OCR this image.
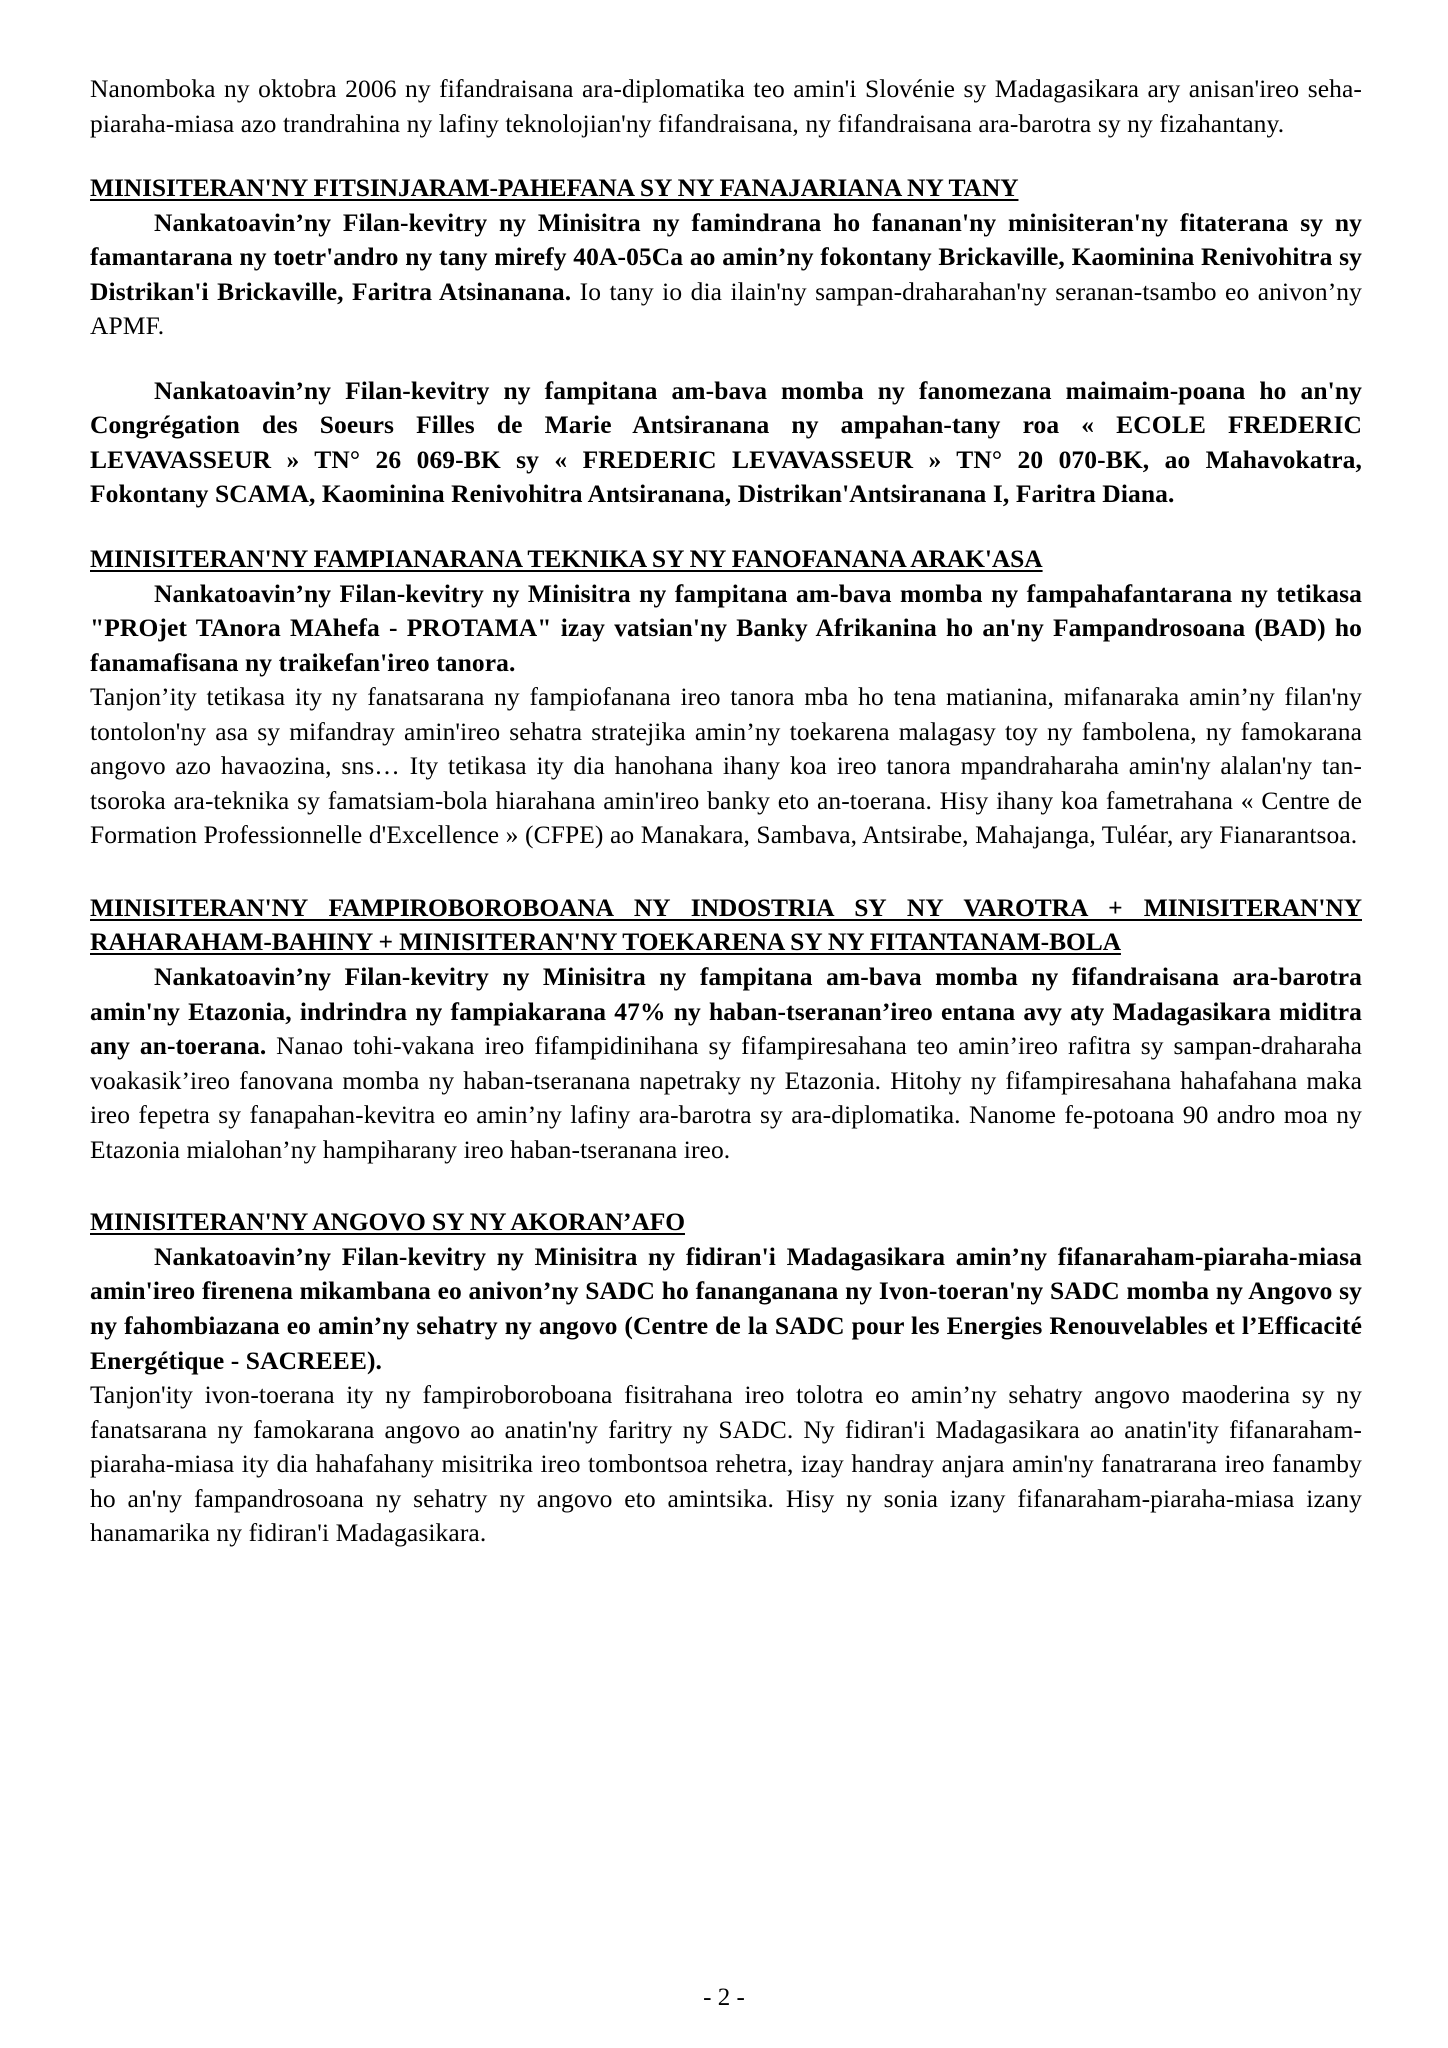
Nanomboka ny oktobra 2006 ny fifandraisana ara-diplomatika teo amin'i Slovénie sy Madagasikara ary anisan'ireo seha-piaraha-miasa azo trandrahina ny lafiny teknolojian'ny fifandraisana, ny fifandraisana ara-barotra sy ny fizahantany.

MINISITERAN'NY FITSINJARAM-PAHEFANA SY NY FANAJARIANA NY TANY

Nankatoavin’ny Filan-kevitry ny Minisitra ny famindrana ho fananan'ny minisiteran'ny fitaterana sy ny famantarana ny toetr'andro ny tany mirefy 40A-05Ca ao amin’ny fokontany Brickaville, Kaominina Renivohitra sy Distrikan'i Brickaville, Faritra Atsinanana. Io tany io dia ilain'ny sampan-draharahan'ny seranan-tsambo eo anivon’ny APMF.

Nankatoavin’ny Filan-kevitry ny fampitana am-bava momba ny fanomezana maimaim-poana ho an'ny Congrégation des Soeurs Filles de Marie Antsiranana ny ampahan-tany roa « ECOLE FREDERIC LEVAVASSEUR » TN° 26 069-BK sy « FREDERIC LEVAVASSEUR » TN° 20 070-BK, ao Mahavokatra, Fokontany SCAMA, Kaominina Renivohitra Antsiranana, Distrikan'Antsiranana I, Faritra Diana.

MINISITERAN'NY FAMPIANARANA TEKNIKA SY NY FANOFANANA ARAK'ASA

Nankatoavin’ny Filan-kevitry ny Minisitra ny fampitana am-bava momba ny fampahafantarana ny tetikasa "PROjet TAnora MAhefa - PROTAMA" izay vatsian'ny Banky Afrikanina ho an'ny Fampandrosoana (BAD) ho fanamafisana ny traikefan'ireo tanora.

Tanjon’ity tetikasa ity ny fanatsarana ny fampiofanana ireo tanora mba ho tena matianina, mifanaraka amin’ny filan'ny tontolon'ny asa sy mifandray amin'ireo sehatra stratejika amin’ny toekarena malagasy toy ny fambolena, ny famokarana angovo azo havaozina, sns… Ity tetikasa ity dia hanohana ihany koa ireo tanora mpandraharaha amin'ny alalan'ny tan-tsoroka ara-teknika sy famatsiam-bola hiarahana amin'ireo banky eto an-toerana. Hisy ihany koa fametrahana « Centre de Formation Professionnelle d'Excellence » (CFPE) ao Manakara, Sambava, Antsirabe, Mahajanga, Tuléar, ary Fianarantsoa.

MINISITERAN'NY FAMPIROBOROBOANA NY INDOSTRIA SY NY VAROTRA + MINISITERAN'NY RAHARAHAM-BAHINY + MINISITERAN'NY TOEKARENA SY NY FITANTANAM-BOLA

Nankatoavin’ny Filan-kevitry ny Minisitra ny fampitana am-bava momba ny fifandraisana ara-barotra amin'ny Etazonia, indrindra ny fampiakarana 47% ny haban-tseranan’ireo entana avy aty Madagasikara miditra any an-toerana. Nanao tohi-vakana ireo fifampidinihana sy fifampiresahana teo amin’ireo rafitra sy sampan-draharaha voakasik’ireo fanovana momba ny haban-tseranana napetraky ny Etazonia. Hitohy ny fifampiresahana hahafahana maka ireo fepetra sy fanapahan-kevitra eo amin’ny lafiny ara-barotra sy ara-diplomatika. Nanome fe-potoana 90 andro moa ny Etazonia mialohan’ny hampiharany ireo haban-tseranana ireo.

MINISITERAN'NY ANGOVO SY NY AKORAN’AFO

Nankatoavin’ny Filan-kevitry ny Minisitra ny fidiran'i Madagasikara amin’ny fifanaraham-piaraha-miasa amin'ireo firenena mikambana eo anivon’ny SADC ho fananganana ny Ivon-toeran'ny SADC momba ny Angovo sy ny fahombiazana eo amin’ny sehatry ny angovo (Centre de la SADC pour les Energies Renouvelables et l’Efficacité Energétique - SACREEE).

Tanjon'ity ivon-toerana ity ny fampiroboroboana fisitrahana ireo tolotra eo amin’ny sehatry angovo maoderina sy ny fanatsarana ny famokarana angovo ao anatin'ny faritry ny SADC. Ny fidiran'i Madagasikara ao anatin'ity fifanaraham-piaraha-miasa ity dia hahafahany misitrika ireo tombontsoa rehetra, izay handray anjara amin'ny fanatrarana ireo fanamby ho an'ny fampandrosoana ny sehatry ny angovo eto amintsika. Hisy ny sonia izany fifanaraham-piaraha-miasa izany hanamarika ny fidiran'i Madagasikara.

- 2 -
